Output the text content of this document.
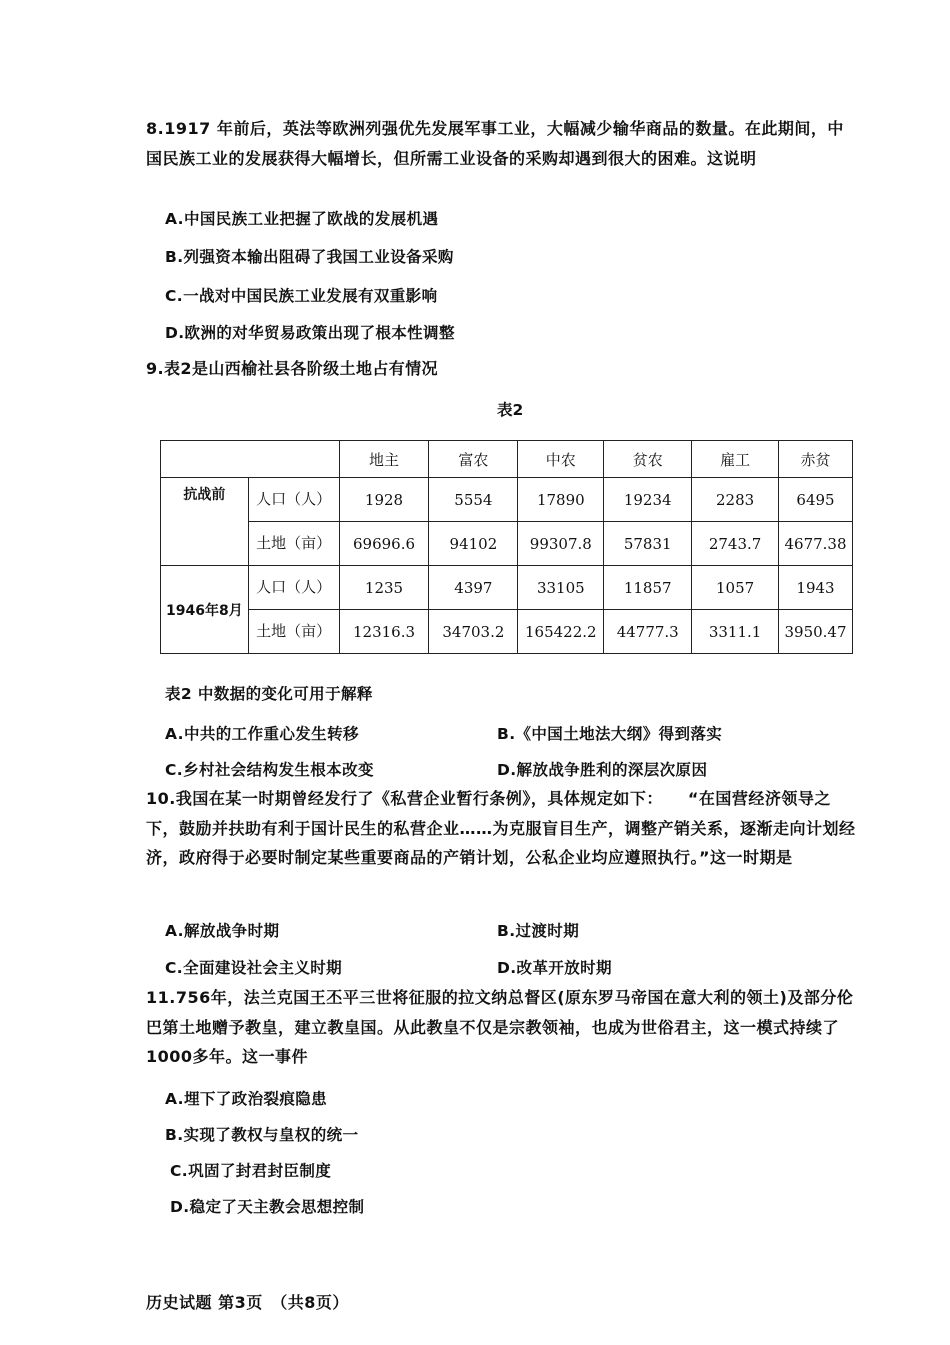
8.1917 年前后，英法等欧洲列强优先发展军事工业，大幅减少输华商品的数量。在此期间，中国民族工业的发展获得大幅增长，但所需工业设备的采购却遇到很大的困难。这说明

A.中国民族工业把握了欧战的发展机遇
B.列强资本输出阻碍了我国工业设备采购
C.一战对中国民族工业发展有双重影响
D.欧洲的对华贸易政策出现了根本性调整
9.表2是山西榆社县各阶级土地占有情况
表2
		地主	富农	中农	贫农	雇工	赤贫
抗战前	人口（人）	1928	5554	17890	19234	2283	6495
	土地（亩）	69696.6	94102	99307.8	57831	2743.7	4677.38
1946年8月	人口（人）	1235	4397	33105	11857	1057	1943
	土地（亩）	12316.3	34703.2	165422.2	44777.3	3311.1	3950.47
表2 中数据的变化可用于解释
A.中共的工作重心发生转移	B.《中国土地法大纲》得到落实
C.乡村社会结构发生根本改变	D.解放战争胜利的深层次原因

10.我国在某一时期曾经发行了《私营企业暂行条例》，具体规定如下：　　“在国营经济领导之下，鼓励并扶助有利于国计民生的私营企业……为克服盲目生产，调整产销关系，逐渐走向计划经济，政府得于必要时制定某些重要商品的产销计划，公私企业均应遵照执行。”这一时期是

A.解放战争时期	B.过渡时期
C.全面建设社会主义时期	D.改革开放时期

11.756年，法兰克国王丕平三世将征服的拉文纳总督区(原东罗马帝国在意大利的领土)及部分伦巴第土地赠予教皇，建立教皇国。从此教皇不仅是宗教领袖，也成为世俗君主，这一模式持续了1000多年。这一事件

A.埋下了政治裂痕隐患
B.实现了教权与皇权的统一
C.巩固了封君封臣制度
D.稳定了天主教会思想控制
历史试题 第3页　（共8页）
